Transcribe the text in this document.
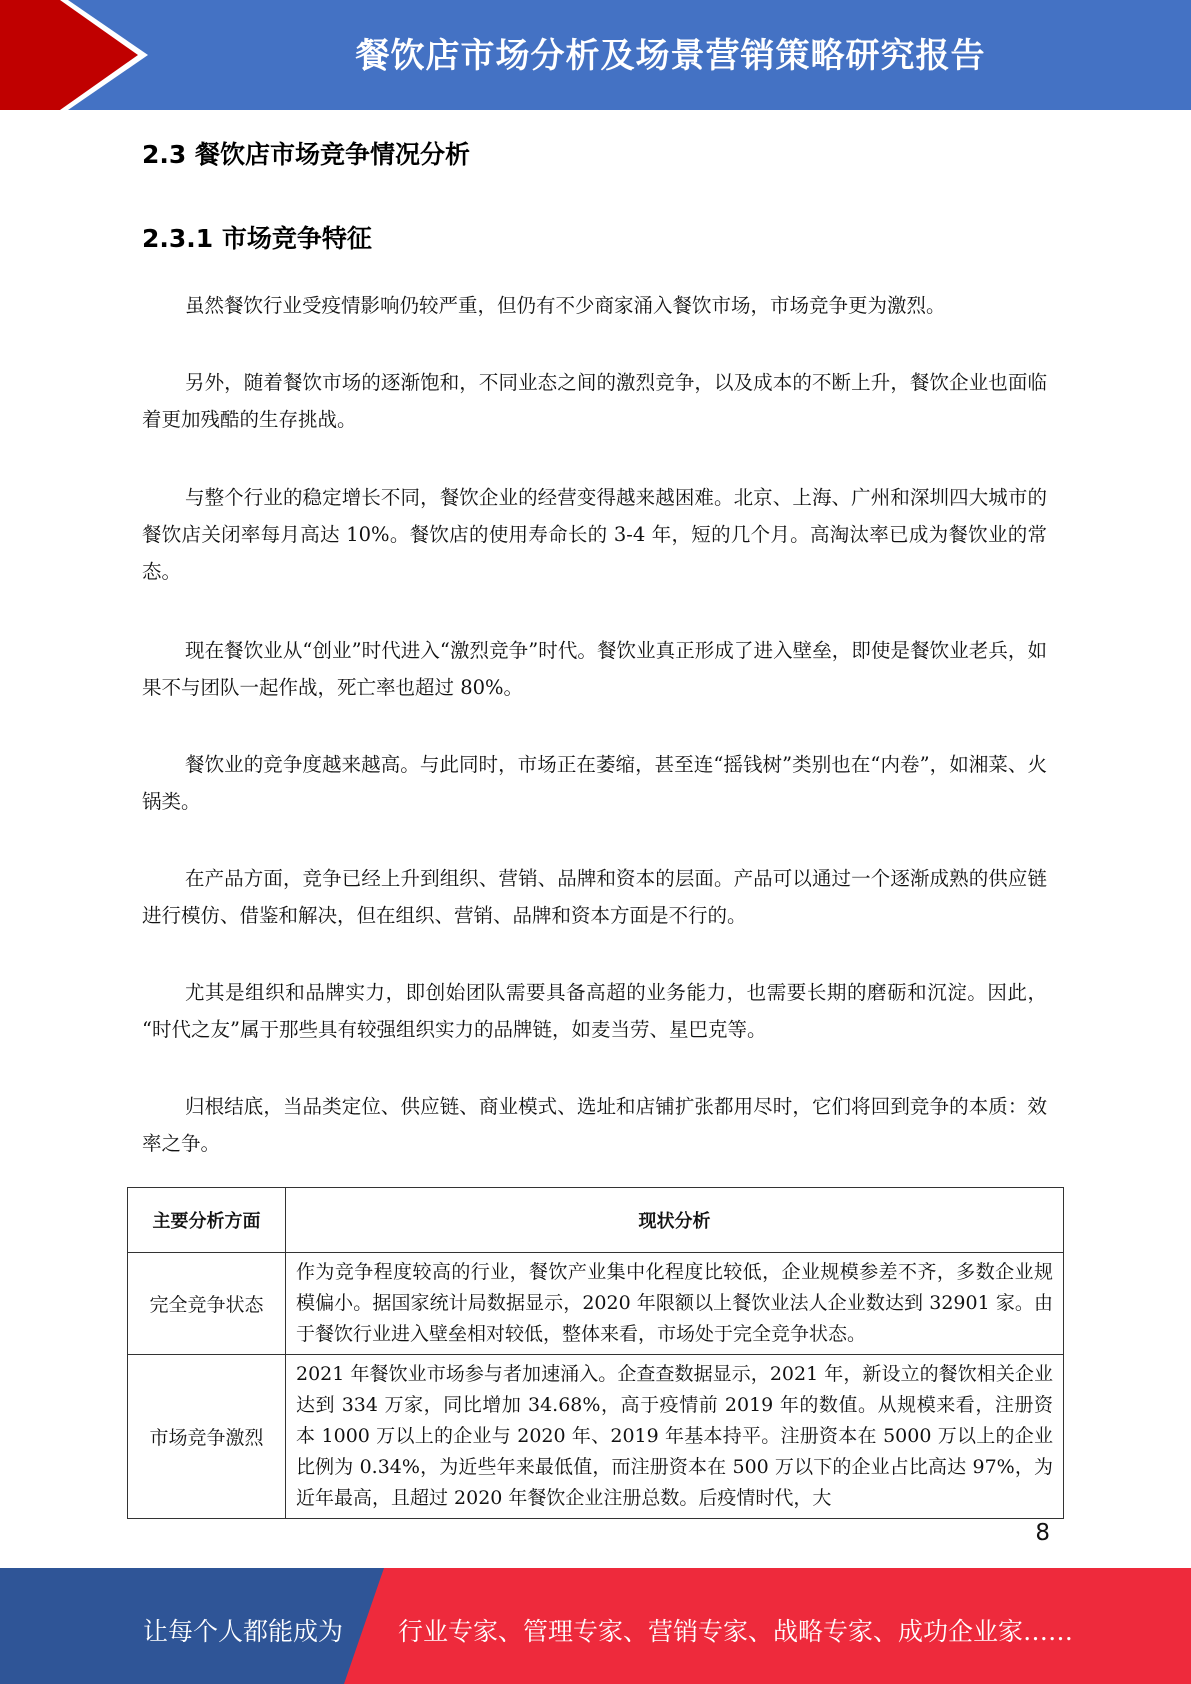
餐饮店市场分析及场景营销策略研究报告
2.3 餐饮店市场竞争情况分析
2.3.1 市场竞争特征

虽然餐饮行业受疫情影响仍较严重，但仍有不少商家涌入餐饮市场，市场竞争更为激烈。

另外，随着餐饮市场的逐渐饱和，不同业态之间的激烈竞争，以及成本的不断上升，餐饮企业也面临着更加残酷的生存挑战。

与整个行业的稳定增长不同，餐饮企业的经营变得越来越困难。北京、上海、广州和深圳四大城市的餐饮店关闭率每月高达 10%。餐饮店的使用寿命长的 3-4 年，短的几个月。高淘汰率已成为餐饮业的常态。

现在餐饮业从“创业”时代进入“激烈竞争”时代。餐饮业真正形成了进入壁垒，即使是餐饮业老兵，如果不与团队一起作战，死亡率也超过 80%。

餐饮业的竞争度越来越高。与此同时，市场正在萎缩，甚至连“摇钱树”类别也在“内卷”，如湘菜、火锅类。

在产品方面，竞争已经上升到组织、营销、品牌和资本的层面。产品可以通过一个逐渐成熟的供应链进行模仿、借鉴和解决，但在组织、营销、品牌和资本方面是不行的。

尤其是组织和品牌实力，即创始团队需要具备高超的业务能力，也需要长期的磨砺和沉淀。因此， “时代之友”属于那些具有较强组织实力的品牌链，如麦当劳、星巴克等。

归根结底，当品类定位、供应链、商业模式、选址和店铺扩张都用尽时，它们将回到竞争的本质：效率之争。

主要分析方面	现状分析
完全竞争状态	作为竞争程度较高的行业，餐饮产业集中化程度比较低，企业规模参差不齐，多数企业规模偏小。据国家统计局数据显示，2020 年限额以上餐饮业法人企业数达到 32901 家。由于餐饮行业进入壁垒相对较低，整体来看，市场处于完全竞争状态。
市场竞争激烈	2021 年餐饮业市场参与者加速涌入。企查查数据显示，2021 年，新设立的餐饮相关企业达到 334 万家，同比增加 34.68%，高于疫情前 2019 年的数值。从规模来看，注册资本 1000 万以上的企业与 2020 年、2019 年基本持平。注册资本在 5000 万以上的企业比例为 0.34%，为近些年来最低值，而注册资本在 500 万以下的企业占比高达 97%，为近年最高，且超过 2020 年餐饮企业注册总数。后疫情时代，大
8
让每个人都能成为 行业专家、管理专家、营销专家、战略专家、成功企业家……
